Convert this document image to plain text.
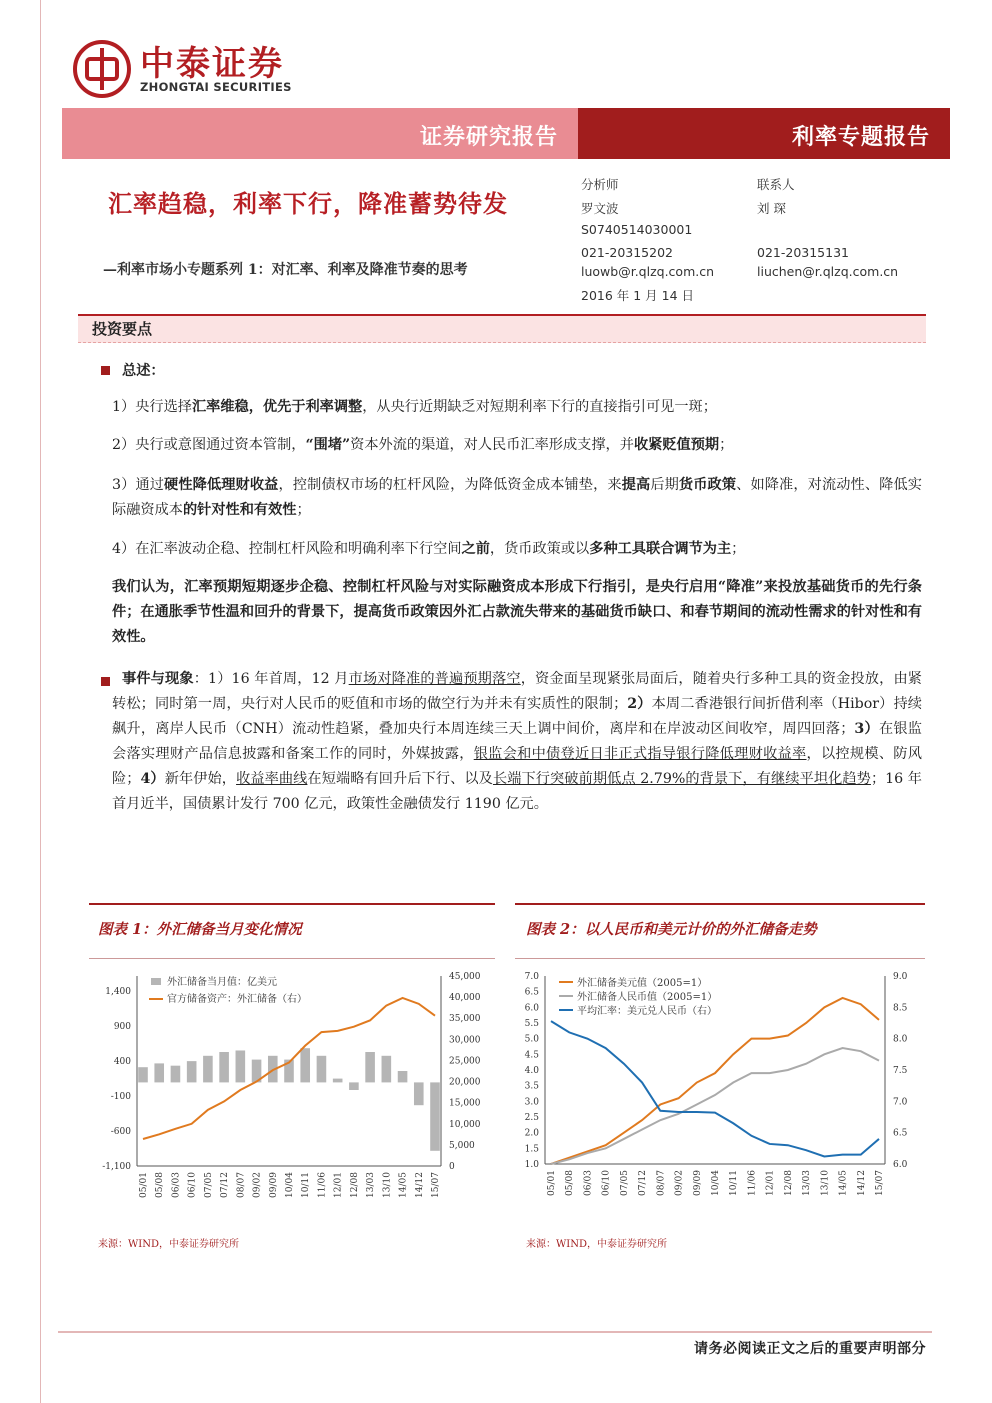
中泰证券
ZHONGTAI SECURITIES
证券研究报告	利率专题报告
汇率趋稳，利率下行，降准蓄势待发
—利率市场小专题系列 1：对汇率、利率及降准节奏的思考
分析师
罗文波
S0740514030001
021-20315202
luowb@r.qlzq.com.cn
2016 年 1 月 14 日
联系人
刘 琛
021-20315131
liuchen@r.qlzq.com.cn
投资要点
总述：
1）央行选择汇率维稳，优先于利率调整，从央行近期缺乏对短期利率下行的直接指引可见一斑；
2）央行或意图通过资本管制，“围堵”资本外流的渠道，对人民币汇率形成支撑，并收紧贬值预期；
3）通过硬性降低理财收益，控制债权市场的杠杆风险，为降低资金成本铺垫，来提高后期货币政策、如降准，对流动性、降低实际融资成本的针对性和有效性；
4）在汇率波动企稳、控制杠杆风险和明确利率下行空间之前，货币政策或以多种工具联合调节为主；
我们认为，汇率预期短期逐步企稳、控制杠杆风险与对实际融资成本形成下行指引，是央行启用“降准”来投放基础货币的先行条件；在通胀季节性温和回升的背景下，提高货币政策因外汇占款流失带来的基础货币缺口、和春节期间的流动性需求的针对性和有效性。
事件与现象：1）16 年首周，12 月市场对降准的普遍预期落空，资金面呈现紧张局面后，随着央行多种工具的资金投放，由紧转松；同时第一周，央行对人民币的贬值和市场的做空行为并未有实质性的限制；2）本周二香港银行间折借利率（Hibor）持续飙升，离岸人民币（CNH）流动性趋紧，叠加央行本周连续三天上调中间价，离岸和在岸波动区间收窄，周四回落；3）在银监会落实理财产品信息披露和备案工作的同时，外媒披露，银监会和中债登近日非正式指导银行降低理财收益率，以控规模、防风险；4）新年伊始，收益率曲线在短端略有回升后下行、以及长端下行突破前期低点 2.79%的背景下，有继续平坦化趋势；16 年首月近半，国债累计发行 700 亿元，政策性金融债发行 1190 亿元。
图表 1：外汇储备当月变化情况
1,400
900
400
-100
-600
-1,100
45,000
40,000
35,000
30,000
25,000
20,000
15,000
10,000
5,000
0
05/01 05/08 06/03 06/10 07/05 07/12 08/07 09/02 09/09 10/04 10/11 11/06 12/01 12/08 13/03 13/10 14/05 14/12 15/07
外汇储备当月值：亿美元
官方储备资产：外汇储备（右）
来源：WIND，中泰证券研究所
图表 2：以人民币和美元计价的外汇储备走势
7.0
6.5
6.0
5.5
5.0
4.5
4.0
3.5
3.0
2.5
2.0
1.5
1.0
9.0
8.5
8.0
7.5
7.0
6.5
6.0
05/01 05/08 06/03 06/10 07/05 07/12 08/07 09/02 09/09 10/04 10/11 11/06 12/01 12/08 13/03 13/10 14/05 14/12 15/07
外汇储备美元值（2005=1）
外汇储备人民币值（2005=1）
平均汇率：美元兑人民币（右）
来源：WIND，中泰证券研究所
请务必阅读正文之后的重要声明部分
